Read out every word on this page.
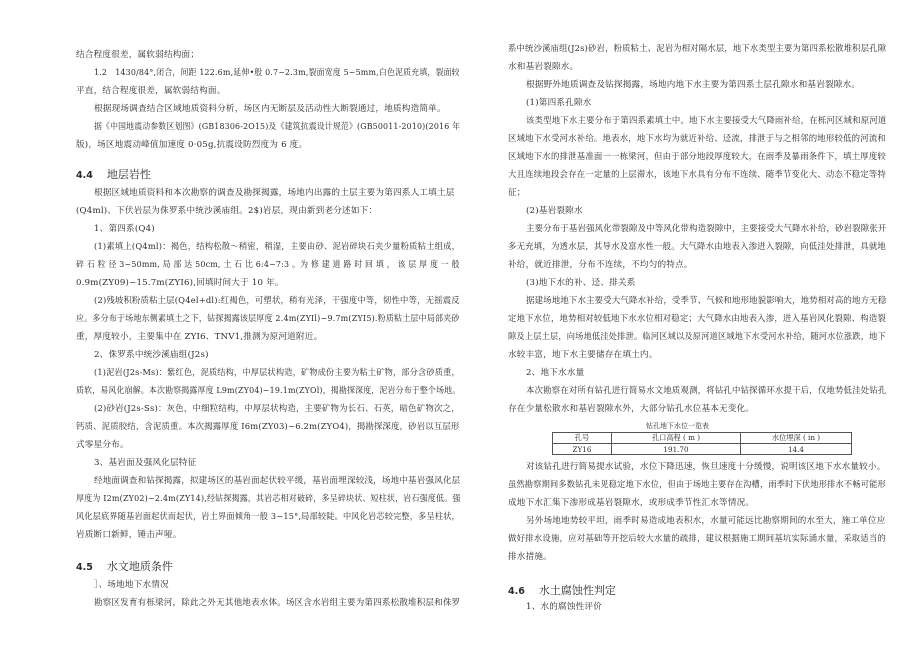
结合程度很差，属软弱结构面；
1.2　1430/84°,闭合，间距 122.6m,延伸•般 0.7~2.3m,裂面宽度 5~5mm,白色泥质充填，裂面较
平直，结合程度很差，属软弱结构面。
根据现场调查结合区域地质资料分析，场区内无断层及活动性大断裂通过，地质构造简单。
据《中国地震动参数区划图》(GB18306-2O15)及《建筑抗震设计规范》(GB50011-2010)(2016 年
版)，场区地震动峰值加速度 0·05g,抗震设防烈度为 6 度。
4.4 地层岩性
根据区域地质资料和本次勘察的调查及勘探揭露，场地内出露的土层主要为第四系人工填土层
(Q4ml)、下伏岩层为侏罗系中统沙溪庙组。2$)岩层，现由新到老分述如下：
1、第四系(Q4)
(1)素填上(Q4ml)：褐色，结构松散～稍密，稍湿，主要由砂、泥岩碎块石夹少量粉质粘土组成，
碎 石 粒 径 3~50mm, 局 部 达 50cm, 土 石 比 6:4~7:3 。为 修 建 道 路 时 回 填 ， 该 层 厚 度 一 般
0.9m(ZY09)~15.7m(ZYI6),回填时间大于 10 年。
(2)残坡积粉质粘土层(Q4el+dl):红褐色，可塑状，稍有光泽，干强度中等，韧性中等，无摇震反
应。多分布于场地东侧素填土之下，钻探揭露该层厚度 2.4m(ZYIl)~9.7m(ZYI5).粉质粘土层中局部夹砂
重，厚度较小，主要集中在 ZYI6、TNV1,推测为原河道附近。
2、侏罗系中统沙溪庙组(J2s)
(1)泥岩(J2s-Ms)：紫红色，泥质结构，中厚层状构造，矿物成份主要为粘土矿物，部分含砂质重，
质软，易风化崩解。本次勘察揭露厚度 L9m(ZY04)~19.1m(ZYOl)，揭勘探深度，泥岩分布于整个场地。
(2)砂岩(J2s-Ss)：灰色，中细粒结构，中厚层状构造，主要矿物为长石、石英，暗色矿物次之，
钙质、泥质胶结，含泥质重。本次揭露厚度 I6m(ZY03)~6.2m(ZYO4)，揭勘探深度，砂岩以互层形
式零星分布。
3、基岩面及强风化层特征
经地面调查和钻探揭露，拟建场区的基岩面起伏较平缓，基岩面埋深较浅，场地中基岩强风化层
厚度为 I2m(ZY02)~2.4m(ZY14),经钻探揭露，其岩芯相对破碎，多呈碎块状、短柱状，岩石强度低。强
风化层底界随基岩面起伏而起伏，岩土界面倾角一般 3~15°,局部较陡。中风化岩芯较完整，多呈柱状，
岩质断口新鲜，锤击声哑。
4.5 水文地质条件
］、场地地下水情况
勘察区发育有栎梁河，除此之外无其他地表水体。场区含水岩组主要为第四系松散堆积层和侏罗
系中统沙溪庙组(J2s)砂岩，粉质粘土、泥岩为相对隔水层，地下水类型主要为第四系松散堆积层孔隙
水和基岩裂隙水。
根据野外地质调查及钻探揭露，场地内地下水主要为第四系土层孔隙水和基岩裂隙水。
(1)第四系孔隙水
该类型地下水主要分布于第四系素填土中。地下水主要接受大气降雨补给，在栎河区域和原河道
区域地下水受河水补给。地表水，地下水均为就近补给、迳流，排泄于与之相邻的地形较低的河流和
区域地下水的排泄基准面一一栋梁河，但由于部分地段厚度较大，在雨季及暴雨条件下，填土厚度较
大且连续地段会存在一定量的上层滞水，该地下水具有分布不连续、随季节变化大、动态不稳定等特
征；
(2)基岩裂隙水
主要分布于基岩强风化带裂隙及中等风化带构造裂隙中，主要接受大气降水补给，砂岩裂隙张开
多无充填，为透水层，其导水及富水性一般。大气降水由地表入渗进入裂隙，向低洼处排泄，具就地
补给，就近排泄，分布不连续，不均匀的特点。
(3)地下水的补、迳、排关系
据建场地地下水主要受大气降水补给，受季节、气候和地形地貌影响大，地势相对高的地方无稳
定地下水位，地势相对较低地下水水位相对稳定；大气降水由地表入渗，进入基岩风化裂隙、构造裂
隙及上层土层，向场地低洼处排泄。临河区域以及原河道区域地下水受河水补给，随河水位涨跌，地下
水较丰富，地下水主要储存在填土内。
2、地下水水量
本次勘察在对所有钻孔进行简易水文地质观测，将钻孔中钻探循环水提干后，仅地势低洼处钻孔
存在少量松散水和基岩裂隙水外，大部分钻孔水位基本无变化。
钻孔地下水位一览表
孔号	孔口高程 ( m )	水位埋深 ( in )
ZY16	191.70	14.4
对该钻孔进行简易提水试验，水位下降迅速，恢旦速度十分缓慢，说明该区地下水水量较小。
虽然勘察期间多数钻孔未见稳定地下水位，但由于场地主要存在沟槽，雨季时下伏地形排水不畅可能形
成地下水汇集下渗形成基岩裂隙水，或形成季节性汇水等情况。
另外场地地势较平坦，雨季时易造成地表积水，水量可能远比勘察期间的水至大，施工单位应
做好排水设施，应对基础等开挖后较大水量的疏排，建议根据施工期间基坑实际涌水量，采取适当的
排水措施。
4.6 水土腐蚀性判定
1、水的腐蚀性评价
